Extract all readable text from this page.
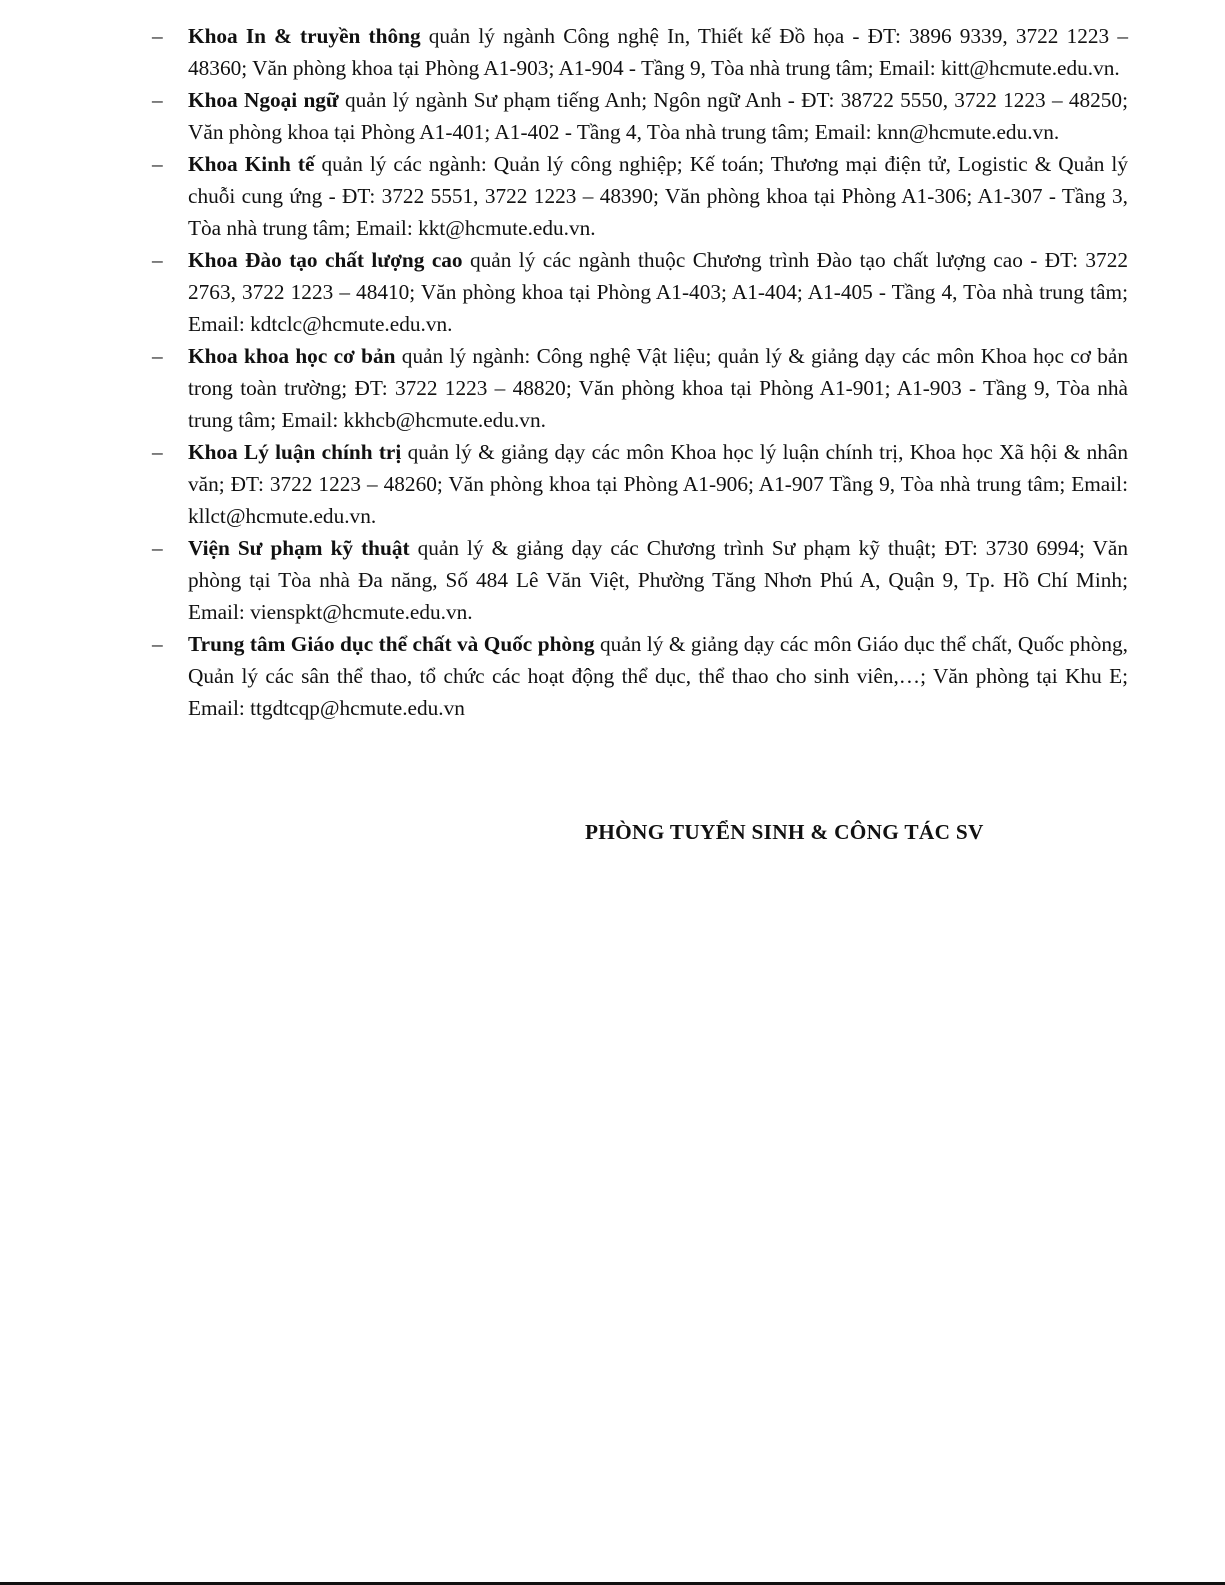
–	Khoa In & truyền thông quản lý ngành Công nghệ In, Thiết kế Đồ họa - ĐT: 3896 9339, 3722 1223 – 48360; Văn phòng khoa tại Phòng A1-903; A1-904 - Tầng 9, Tòa nhà trung tâm; Email: kitt@hcmute.edu.vn.
–	Khoa Ngoại ngữ quản lý ngành Sư phạm tiếng Anh; Ngôn ngữ Anh - ĐT: 38722 5550, 3722 1223 – 48250; Văn phòng khoa tại Phòng A1-401; A1-402 - Tầng 4, Tòa nhà trung tâm; Email: knn@hcmute.edu.vn.
–	Khoa Kinh tế quản lý các ngành: Quản lý công nghiệp; Kế toán; Thương mại điện tử, Logistic & Quản lý chuỗi cung ứng - ĐT: 3722 5551, 3722 1223 – 48390; Văn phòng khoa tại Phòng A1-306; A1-307 - Tầng 3, Tòa nhà trung tâm; Email: kkt@hcmute.edu.vn.
–	Khoa Đào tạo chất lượng cao quản lý các ngành thuộc Chương trình Đào tạo chất lượng cao - ĐT: 3722 2763, 3722 1223 – 48410; Văn phòng khoa tại Phòng A1-403; A1-404; A1-405 - Tầng 4, Tòa nhà trung tâm; Email: kdtclc@hcmute.edu.vn.
–	Khoa khoa học cơ bản quản lý ngành: Công nghệ Vật liệu; quản lý & giảng dạy các môn Khoa học cơ bản trong toàn trường; ĐT: 3722 1223 – 48820; Văn phòng khoa tại Phòng A1-901; A1-903 - Tầng 9, Tòa nhà trung tâm; Email: kkhcb@hcmute.edu.vn.
–	Khoa Lý luận chính trị quản lý & giảng dạy các môn Khoa học lý luận chính trị, Khoa học Xã hội & nhân văn; ĐT: 3722 1223 – 48260; Văn phòng khoa tại Phòng A1-906; A1-907 Tầng 9, Tòa nhà trung tâm; Email: kllct@hcmute.edu.vn.
–	Viện Sư phạm kỹ thuật quản lý & giảng dạy các Chương trình Sư phạm kỹ thuật; ĐT: 3730 6994; Văn phòng tại Tòa nhà Đa năng, Số 484 Lê Văn Việt, Phường Tăng Nhơn Phú A, Quận 9, Tp. Hồ Chí Minh; Email: vienspkt@hcmute.edu.vn.
–	Trung tâm Giáo dục thể chất và Quốc phòng quản lý & giảng dạy các môn Giáo dục thể chất, Quốc phòng, Quản lý các sân thể thao, tổ chức các hoạt động thể dục, thể thao cho sinh viên,…; Văn phòng tại Khu E; Email: ttgdtcqp@hcmute.edu.vn
PHÒNG TUYỂN SINH & CÔNG TÁC SV
